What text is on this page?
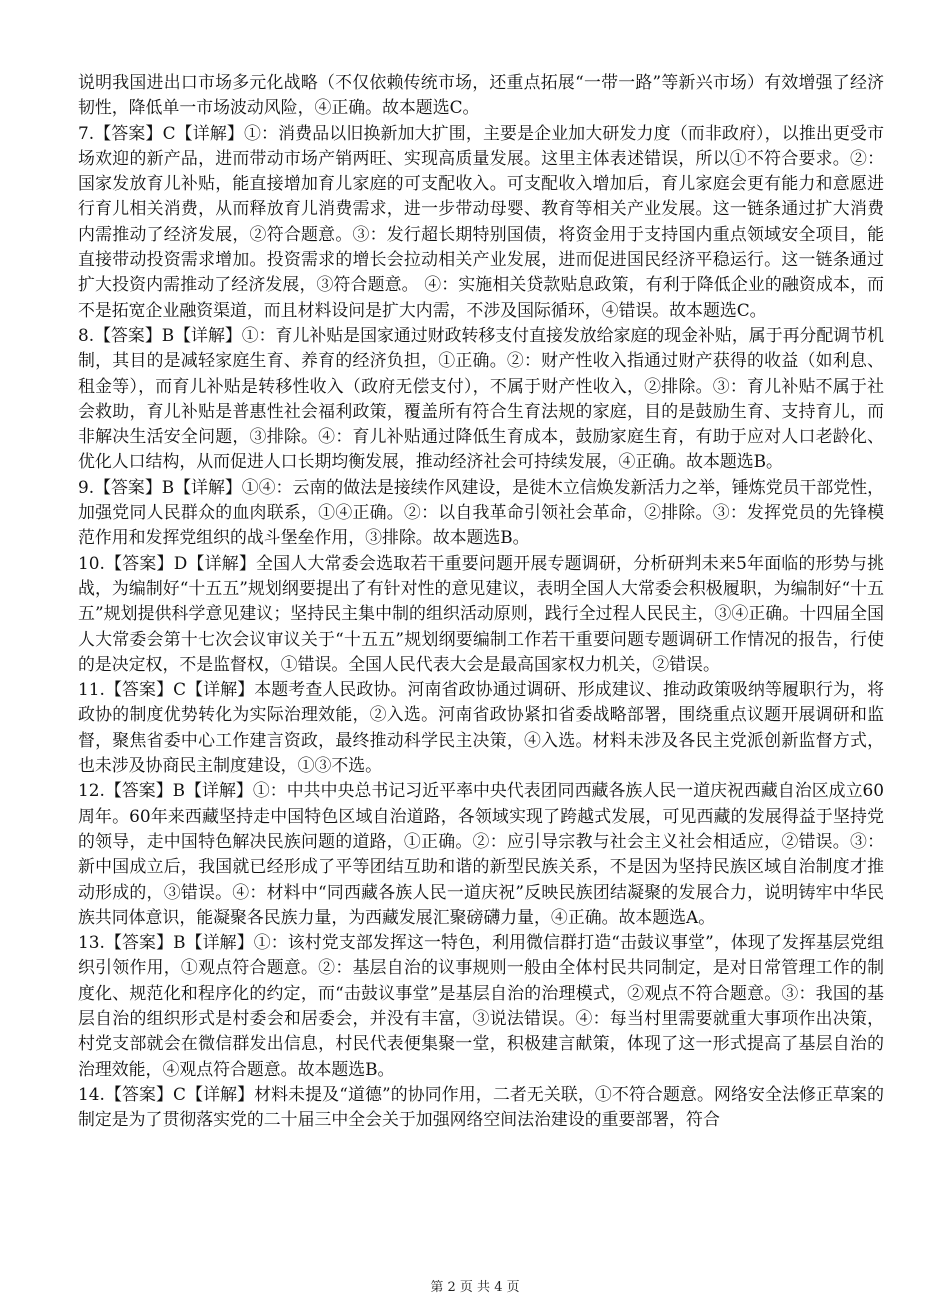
说明我国进出口市场多元化战略（不仅依赖传统市场，还重点拓展“一带一路”等新兴市场）有效增强了经济韧性，降低单一市场波动风险，④正确。故本题选C。

7.【答案】C【详解】①：消费品以旧换新加大扩围，主要是企业加大研发力度（而非政府），以推出更受市场欢迎的新产品，进而带动市场产销两旺、实现高质量发展。这里主体表述错误，所以①不符合要求。②：国家发放育儿补贴，能直接增加育儿家庭的可支配收入。可支配收入增加后，育儿家庭会更有能力和意愿进行育儿相关消费，从而释放育儿消费需求，进一步带动母婴、教育等相关产业发展。这一链条通过扩大消费内需推动了经济发展，②符合题意。③：发行超长期特别国债，将资金用于支持国内重点领域安全项目，能直接带动投资需求增加。投资需求的增长会拉动相关产业发展，进而促进国民经济平稳运行。这一链条通过扩大投资内需推动了经济发展，③符合题意。 ④：实施相关贷款贴息政策，有利于降低企业的融资成本，而不是拓宽企业融资渠道，而且材料设问是扩大内需，不涉及国际循环，④错误。故本题选C。

8.【答案】B【详解】①：育儿补贴是国家通过财政转移支付直接发放给家庭的现金补贴，属于再分配调节机制，其目的是减轻家庭生育、养育的经济负担，①正确。②：财产性收入指通过财产获得的收益（如利息、租金等），而育儿补贴是转移性收入（政府无偿支付），不属于财产性收入，②排除。③：育儿补贴不属于社会救助，育儿补贴是普惠性社会福利政策，覆盖所有符合生育法规的家庭，目的是鼓励生育、支持育儿，而非解决生活安全问题，③排除。④：育儿补贴通过降低生育成本，鼓励家庭生育，有助于应对人口老龄化、优化人口结构，从而促进人口长期均衡发展，推动经济社会可持续发展，④正确。故本题选B。

9.【答案】B【详解】①④：云南的做法是接续作风建设，是徙木立信焕发新活力之举，锤炼党员干部党性，加强党同人民群众的血肉联系，①④正确。②：以自我革命引领社会革命，②排除。③：发挥党员的先锋模范作用和发挥党组织的战斗堡垒作用，③排除。故本题选B。

10.【答案】D【详解】全国人大常委会选取若干重要问题开展专题调研，分析研判未来5年面临的形势与挑战，为编制好“十五五”规划纲要提出了有针对性的意见建议，表明全国人大常委会积极履职，为编制好“十五五”规划提供科学意见建议；坚持民主集中制的组织活动原则，践行全过程人民民主，③④正确。十四届全国人大常委会第十七次会议审议关于“十五五”规划纲要编制工作若干重要问题专题调研工作情况的报告，行使的是决定权，不是监督权，①错误。全国人民代表大会是最高国家权力机关，②错误。

11.【答案】C【详解】本题考查人民政协。河南省政协通过调研、形成建议、推动政策吸纳等履职行为，将政协的制度优势转化为实际治理效能，②入选。河南省政协紧扣省委战略部署，围绕重点议题开展调研和监督，聚焦省委中心工作建言资政，最终推动科学民主决策，④入选。材料未涉及各民主党派创新监督方式，也未涉及协商民主制度建设，①③不选。

12.【答案】B【详解】①：中共中央总书记习近平率中央代表团同西藏各族人民一道庆祝西藏自治区成立60周年。60年来西藏坚持走中国特色区域自治道路，各领域实现了跨越式发展，可见西藏的发展得益于坚持党的领导，走中国特色解决民族问题的道路，①正确。②：应引导宗教与社会主义社会相适应，②错误。③：新中国成立后，我国就已经形成了平等团结互助和谐的新型民族关系，不是因为坚持民族区域自治制度才推动形成的，③错误。④：材料中“同西藏各族人民一道庆祝”反映民族团结凝聚的发展合力，说明铸牢中华民族共同体意识，能凝聚各民族力量，为西藏发展汇聚磅礴力量，④正确。故本题选A。

13.【答案】B【详解】①：该村党支部发挥这一特色，利用微信群打造“击鼓议事堂”，体现了发挥基层党组织引领作用，①观点符合题意。②：基层自治的议事规则一般由全体村民共同制定，是对日常管理工作的制度化、规范化和程序化的约定，而“击鼓议事堂”是基层自治的治理模式，②观点不符合题意。③：我国的基层自治的组织形式是村委会和居委会，并没有丰富，③说法错误。④：每当村里需要就重大事项作出决策，村党支部就会在微信群发出信息，村民代表便集聚一堂，积极建言献策，体现了这一形式提高了基层自治的治理效能，④观点符合题意。故本题选B。

14.【答案】C【详解】材料未提及“道德”的协同作用，二者无关联，①不符合题意。网络安全法修正草案的制定是为了贯彻落实党的二十届三中全会关于加强网络空间法治建设的重要部署，符合

第 2 页 共 4 页
